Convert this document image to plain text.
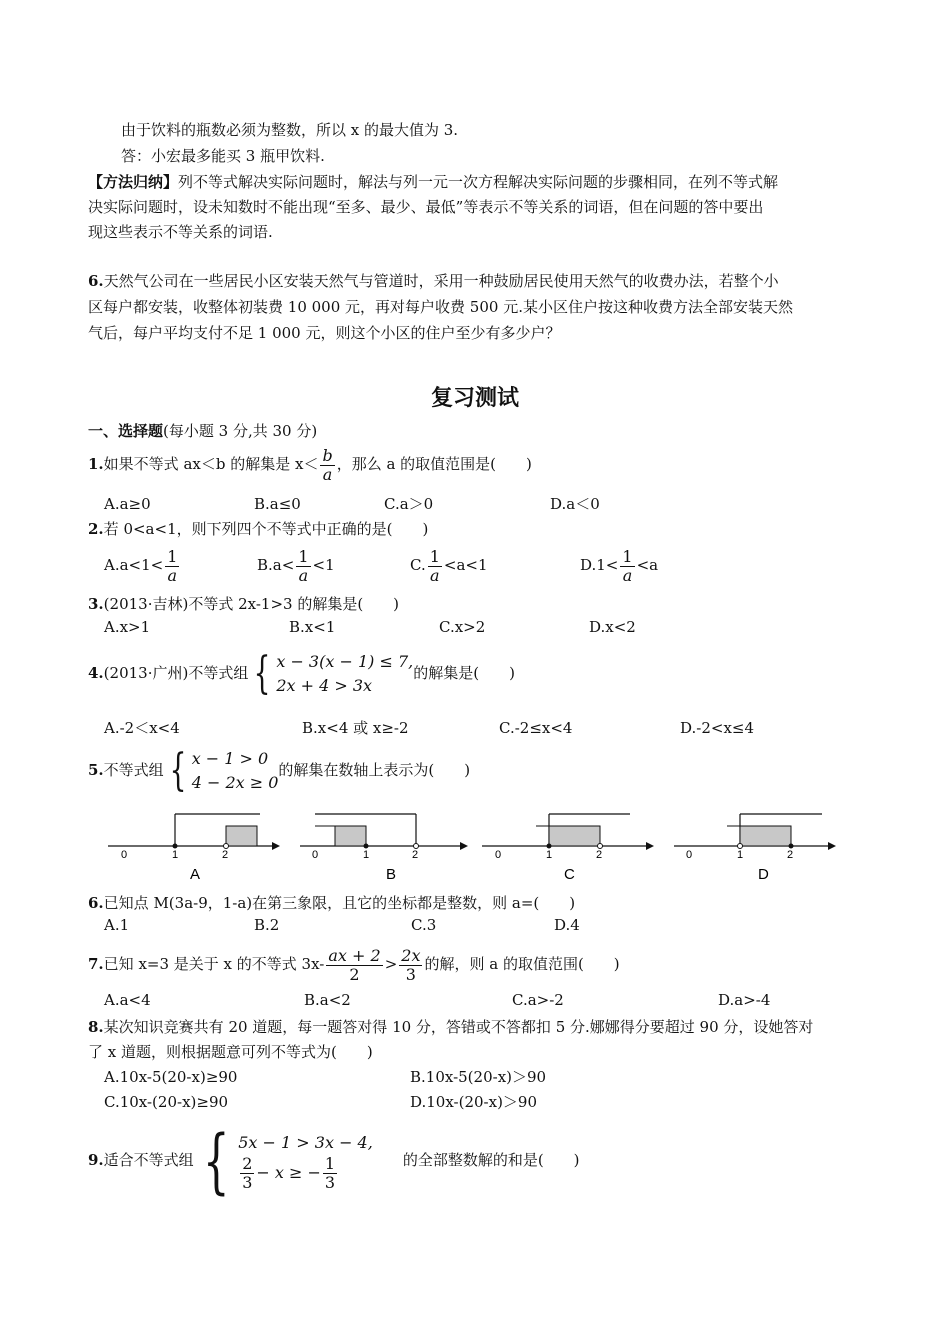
由于饮料的瓶数必须为整数，所以 x 的最大值为 3.
答：小宏最多能买 3 瓶甲饮料.
【方法归纳】列不等式解决实际问题时，解法与列一元一次方程解决实际问题的步骤相同，在列不等式解
决实际问题时，设未知数时不能出现“至多、最少、最低”等表示不等关系的词语，但在问题的答中要出
现这些表示不等关系的词语.
6.天然气公司在一些居民小区安装天然气与管道时，采用一种鼓励居民使用天然气的收费办法，若整个小
区每户都安装，收整体初装费 10 000 元，再对每户收费 500 元.某小区住户按这种收费方法全部安装天然
气后，每户平均支付不足 1 000 元，则这个小区的住户至少有多少户？
复习测试
一、选择题(每小题 3 分,共 30 分)
1.如果不等式 ax＜b 的解集是 $x< \frac{b}{a}$ ，那么 a 的取值范围是(　　)
A.a≥0	B.a≤0	C.a＞0	D.a＜0
2.若 0<a<1，则下列四个不等式中正确的是(　　)
$A.a<1< \frac{1}{a}$	$B.a< \frac{1}{a} <1$	C. $\frac{1}{a} <a<1$	$D.1< \frac{1}{a} <a$
3.(2013·吉林)不等式 2x-1>3 的解集是(　　)
A.x>1	B.x<1	C.x>2	D.x<2
4.(2013·广州)不等式组 { x − 3(x − 1) ≤ 7,
2x + 4 > 3x
的解集是(　　)
A.-2＜x<4	B.x<4 或 x≥-2	C.-2≤x<4	D.-2<x≤4
5.不等式组 { x − 1 > 0
4 − 2x ≥ 0
的解集在数轴上表示为(　　)
0	1	2
A
0	1	2
B
0	1	2
C
0	1	2
D
6.已知点 M(3a-9，1-a)在第三象限，且它的坐标都是整数，则 a=(　　)
A.1	B.2	C.3	D.4
7.已知 x=3 是关于 x 的不等式 $3x- \frac{ax + 2}{2} > \frac{2x}{3}$ 的解，则 a 的取值范围(　　)
A.a<4	B.a<2	C.a>-2	D.a>-4
8.某次知识竞赛共有 20 道题，每一题答对得 10 分，答错或不答都扣 5 分.娜娜得分要超过 90 分，设她答对
了 x 道题，则根据题意可列不等式为(　　)
A.10x-5(20-x)≥90	B.10x-5(20-x)＞90
C.10x-(20-x)≥90	D.10x-(20-x)＞90
9.适合不等式组 { 5x − 1 > 3x − 4,
$\frac{2}{3} - x$ ≥ − $\frac{1}{3}$	的全部整数解的和是(　　)
